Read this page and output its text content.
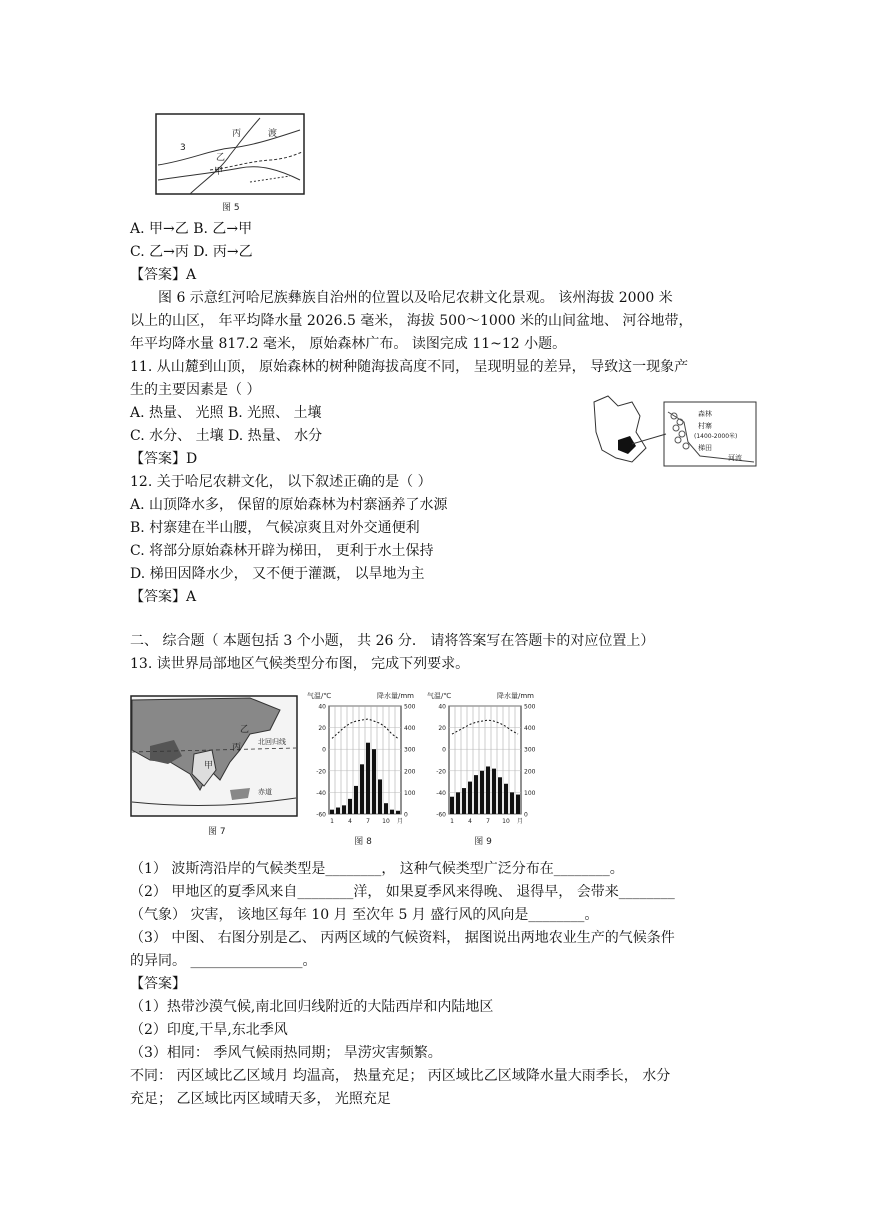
丙	渡
乙
甲
3
图 5
A. 甲→乙 B. 乙→甲
C. 乙→丙 D. 丙→乙
【答案】A
图 6 示意红河哈尼族彝族自治州的位置以及哈尼农耕文化景观。 该州海拔 2000 米
以上的山区， 年平均降水量 2026.5 毫米， 海拔 500～1000 米的山间盆地、 河谷地带，
年平均降水量 817.2 毫米， 原始森林广布。 读图完成 11~12 小题。
11. 从山麓到山顶， 原始森林的树种随海拔高度不同， 呈现明显的差异， 导致这一现象产
生的主要因素是（ ）
A. 热量、 光照 B. 光照、 土壤
C. 水分、 土壤 D. 热量、 水分
【答案】D
森林
村寨
(1400-2000米)
梯田
河流
12. 关于哈尼农耕文化， 以下叙述正确的是（ ）
A. 山顶降水多， 保留的原始森林为村寨涵养了水源
B. 村寨建在半山腰， 气候凉爽且对外交通便利
C. 将部分原始森林开辟为梯田， 更利于水土保持
D. 梯田因降水少， 又不便于灌溉， 以旱地为主
【答案】A
二、 综合题（ 本题包括 3 个小题， 共 26 分． 请将答案写在答题卡的对应位置上）
13. 读世界局部地区气候类型分布图， 完成下列要求。
甲
丙
乙
赤道
北回归线
图 7
气温/℃	降水量/mm
-60
-40
-20
0
20
40
0
100
200
300
400
500
1 4 7 10 月
图 8
气温/℃	降水量/mm
-60
-40
-20
0
20
40
0
100
200
300
400
500
1 4 7 10 月
图 9
（1） 波斯湾沿岸的气候类型是________， 这种气候类型广泛分布在________。
（2） 甲地区的夏季风来自________洋， 如果夏季风来得晚、 退得早， 会带来________
（气象） 灾害， 该地区每年 10 月 至次年 5 月 盛行风的风向是________。
（3） 中图、 右图分别是乙、 丙两区域的气候资料， 据图说出两地农业生产的气候条件
的异同。 ________________。
【答案】
（1）热带沙漠气候,南北回归线附近的大陆西岸和内陆地区
（2）印度,干旱,东北季风
（3）相同： 季风气候雨热同期； 旱涝灾害频繁。
不同： 丙区域比乙区域月 均温高， 热量充足； 丙区域比乙区域降水量大雨季长， 水分
充足； 乙区域比丙区域晴天多， 光照充足
